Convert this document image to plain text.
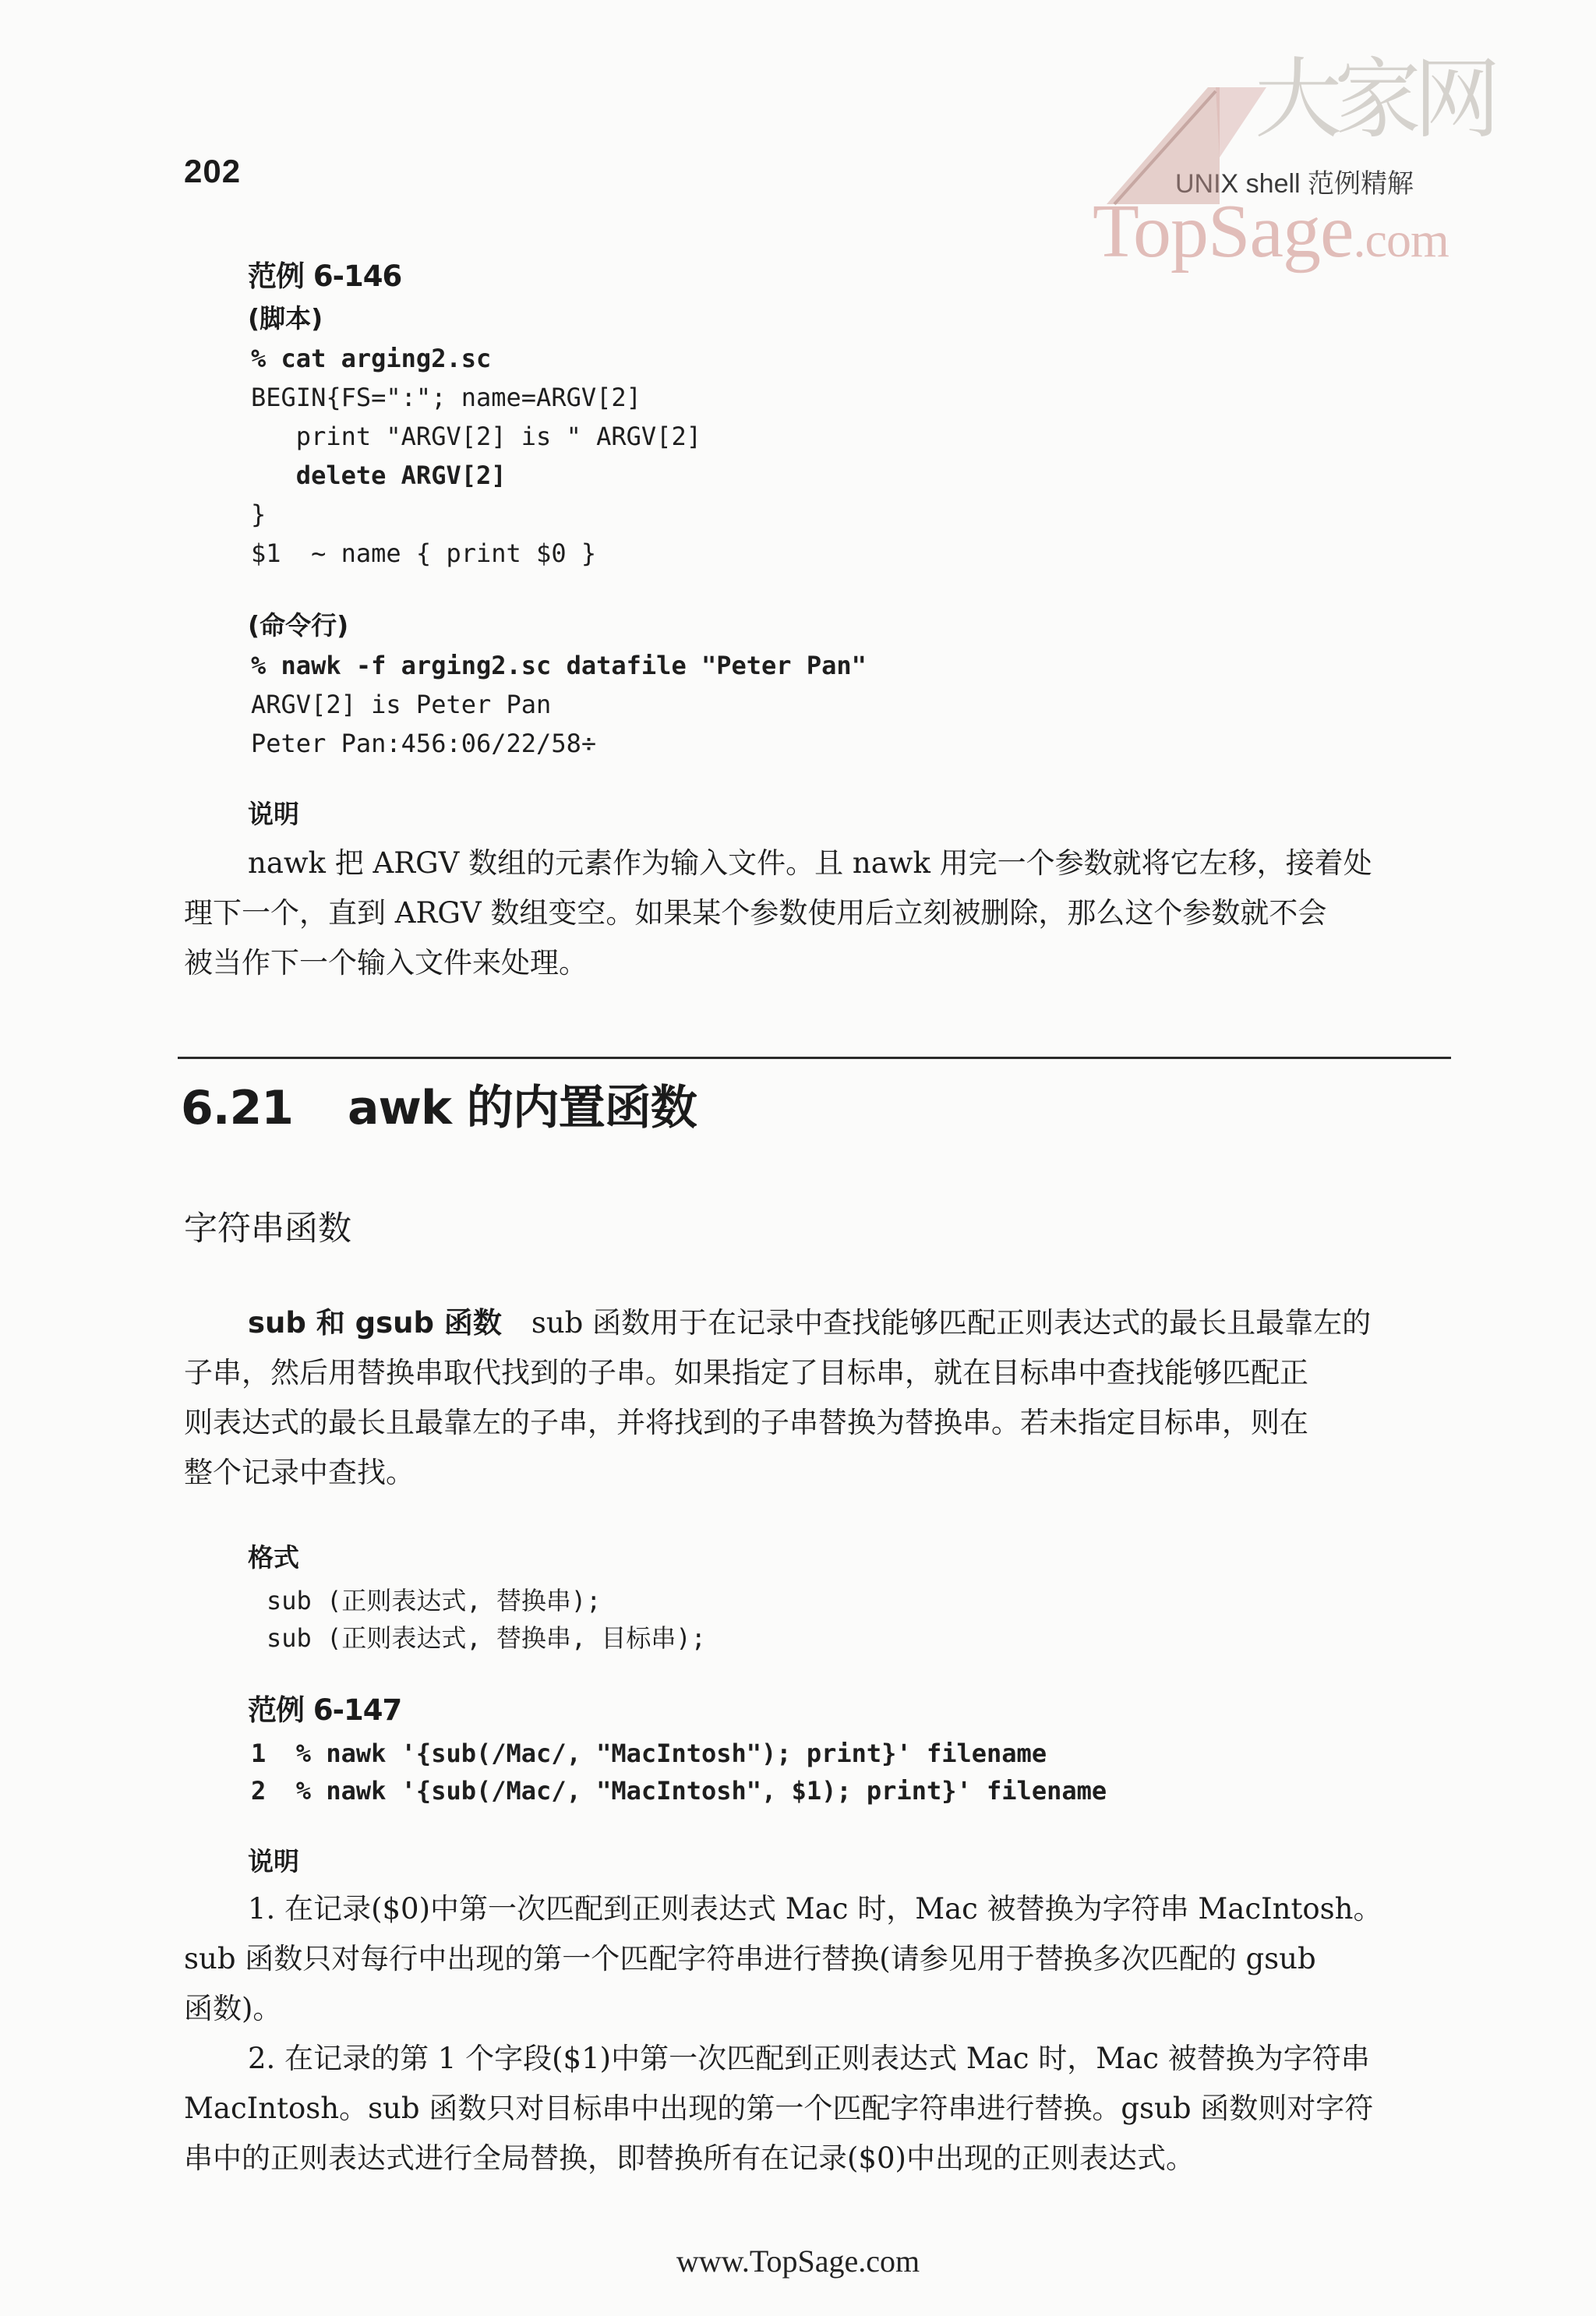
202	UNIX shell 范例精解
大家网
TopSage.com
范例 6-146
(脚本)
% cat arging2.sc
BEGIN{FS=":"; name=ARGV[2]
print "ARGV[2] is " ARGV[2]
delete ARGV[2]
}
$1  ~ name { print $0 }
(命令行)
% nawk -f arging2.sc datafile "Peter Pan"
ARGV[2] is Peter Pan
Peter Pan:456:06/22/58÷
说明
nawk 把 ARGV 数组的元素作为输入文件。且 nawk 用完一个参数就将它左移，接着处
理下一个，直到 ARGV 数组变空。如果某个参数使用后立刻被删除，那么这个参数就不会
被当作下一个输入文件来处理。
6.21 awk 的内置函数
字符串函数
sub 和 gsub 函数 sub 函数用于在记录中查找能够匹配正则表达式的最长且最靠左的
子串，然后用替换串取代找到的子串。如果指定了目标串，就在目标串中查找能够匹配正
则表达式的最长且最靠左的子串，并将找到的子串替换为替换串。若未指定目标串，则在
整个记录中查找。
格式
sub (正则表达式, 替换串);
sub (正则表达式, 替换串, 目标串);
范例 6-147
1  % nawk '{sub(/Mac/, "MacIntosh"); print}' filename
2  % nawk '{sub(/Mac/, "MacIntosh", $1); print}' filename
说明
1. 在记录($0)中第一次匹配到正则表达式 Mac 时，Mac 被替换为字符串 MacIntosh。
sub 函数只对每行中出现的第一个匹配字符串进行替换(请参见用于替换多次匹配的 gsub
函数)。
2. 在记录的第 1 个字段($1)中第一次匹配到正则表达式 Mac 时，Mac 被替换为字符串
MacIntosh。sub 函数只对目标串中出现的第一个匹配字符串进行替换。gsub 函数则对字符
串中的正则表达式进行全局替换，即替换所有在记录($0)中出现的正则表达式。
www.TopSage.com
